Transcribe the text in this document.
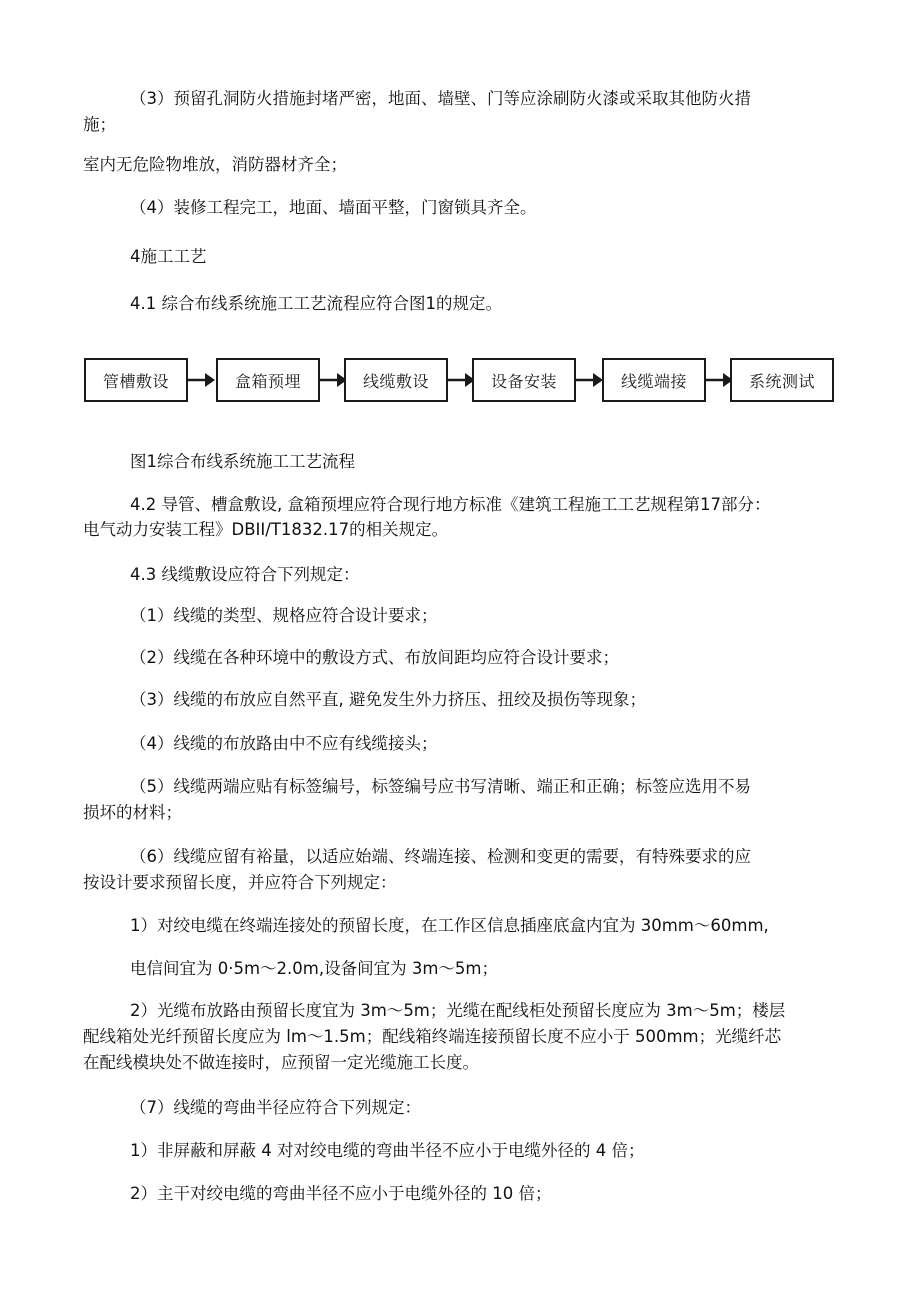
（3）预留孔洞防火措施封堵严密，地面、墙壁、门等应涂刷防火漆或采取其他防火措

施；

室内无危险物堆放，消防器材齐全；

（4）装修工程完工，地面、墙面平整，门窗锁具齐全。

4施工工艺

4.1 综合布线系统施工工艺流程应符合图1的规定。

管槽敷设	盒箱预埋	线缆敷设	设备安装	线缆端接	系统测试

图1综合布线系统施工工艺流程

4.2 导管、槽盒敷设, 盒箱预埋应符合现行地方标准《建筑工程施工工艺规程第17部分：

电气动力安装工程》DBII/T1832.17的相关规定。

4.3 线缆敷设应符合下列规定：

（1）线缆的类型、规格应符合设计要求；

（2）线缆在各种环境中的敷设方式、布放间距均应符合设计要求；

（3）线缆的布放应自然平直, 避免发生外力挤压、扭绞及损伤等现象；

（4）线缆的布放路由中不应有线缆接头；

（5）线缆两端应贴有标签编号，标签编号应书写清晰、端正和正确；标签应选用不易

损坏的材料；

（6）线缆应留有裕量，以适应始端、终端连接、检测和变更的需要，有特殊要求的应

按设计要求预留长度，并应符合下列规定：

1）对绞电缆在终端连接处的预留长度，在工作区信息插座底盒内宜为 30mm～60mm,

电信间宜为 0·5m～2.0m,设备间宜为 3m～5m；

2）光缆布放路由预留长度宜为 3m～5m；光缆在配线柜处预留长度应为 3m～5m；楼层

配线箱处光纤预留长度应为 lm～1.5m；配线箱终端连接预留长度不应小于 500mm；光缆纤芯

在配线模块处不做连接时，应预留一定光缆施工长度。

（7）线缆的弯曲半径应符合下列规定：

1）非屏蔽和屏蔽 4 对对绞电缆的弯曲半径不应小于电缆外径的 4 倍；

2）主干对绞电缆的弯曲半径不应小于电缆外径的 10 倍；
